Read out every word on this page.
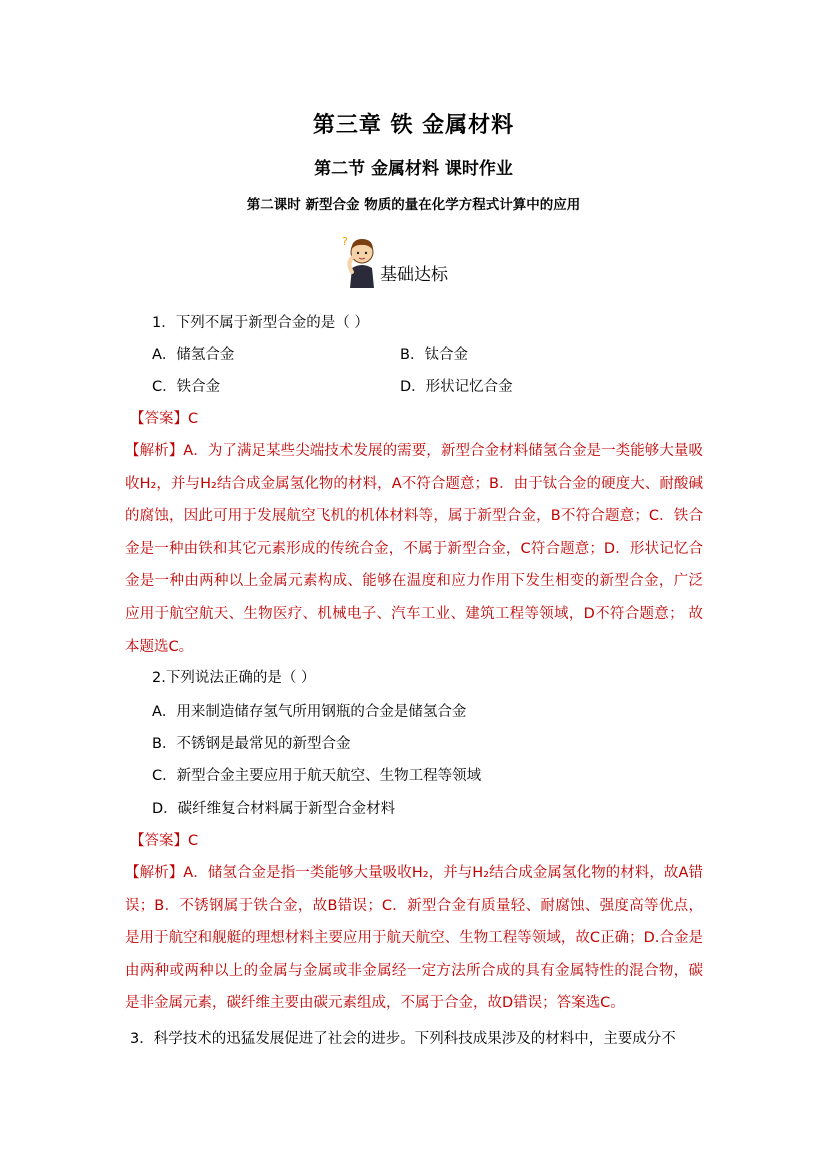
第三章 铁 金属材料
第二节 金属材料 课时作业
第二课时 新型合金 物质的量在化学方程式计算中的应用
?
基础达标
1．下列不属于新型合金的是（ ）
A．储氢合金	B．钛合金
C．铁合金	D．形状记忆合金
【答案】C
【解析】A．为了满足某些尖端技术发展的需要，新型合金材料储氢合金是一类能够大量吸收H₂，并与H₂结合成金属氢化物的材料，A不符合题意；B．由于钛合金的硬度大、耐酸碱的腐蚀，因此可用于发展航空飞机的机体材料等，属于新型合金，B不符合题意；C．铁合金是一种由铁和其它元素形成的传统合金，不属于新型合金，C符合题意；D．形状记忆合金是一种由两种以上金属元素构成、能够在温度和应力作用下发生相变的新型合金，广泛应用于航空航天、生物医疗、机械电子、汽车工业、建筑工程等领域，D不符合题意； 故本题选C。
2.下列说法正确的是（ ）
A．用来制造储存氢气所用钢瓶的合金是储氢合金
B．不锈钢是最常见的新型合金
C．新型合金主要应用于航天航空、生物工程等领域
D．碳纤维复合材料属于新型合金材料
【答案】C
【解析】A．储氢合金是指一类能够大量吸收H₂，并与H₂结合成金属氢化物的材料，故A错误；B．不锈钢属于铁合金，故B错误；C．新型合金有质量轻、耐腐蚀、强度高等优点，是用于航空和舰艇的理想材料主要应用于航天航空、生物工程等领域，故C正确；D.合金是由两种或两种以上的金属与金属或非金属经一定方法所合成的具有金属特性的混合物，碳是非金属元素，碳纤维主要由碳元素组成，不属于合金，故D错误；答案选C。
3．科学技术的迅猛发展促进了社会的进步。下列科技成果涉及的材料中，主要成分不
